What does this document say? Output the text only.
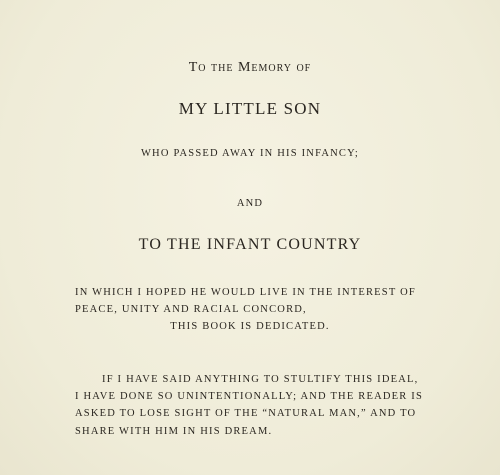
To the Memory of
MY LITTLE SON
WHO PASSED AWAY IN HIS INFANCY;
AND
TO THE INFANT COUNTRY
IN WHICH I HOPED HE WOULD LIVE IN THE INTEREST OF
PEACE, UNITY AND RACIAL CONCORD,
THIS BOOK IS DEDICATED.
IF I HAVE SAID ANYTHING TO STULTIFY THIS IDEAL,
I HAVE DONE SO UNINTENTIONALLY; AND THE READER IS
ASKED TO LOSE SIGHT OF THE “NATURAL MAN,” AND TO
SHARE WITH HIM IN HIS DREAM.
